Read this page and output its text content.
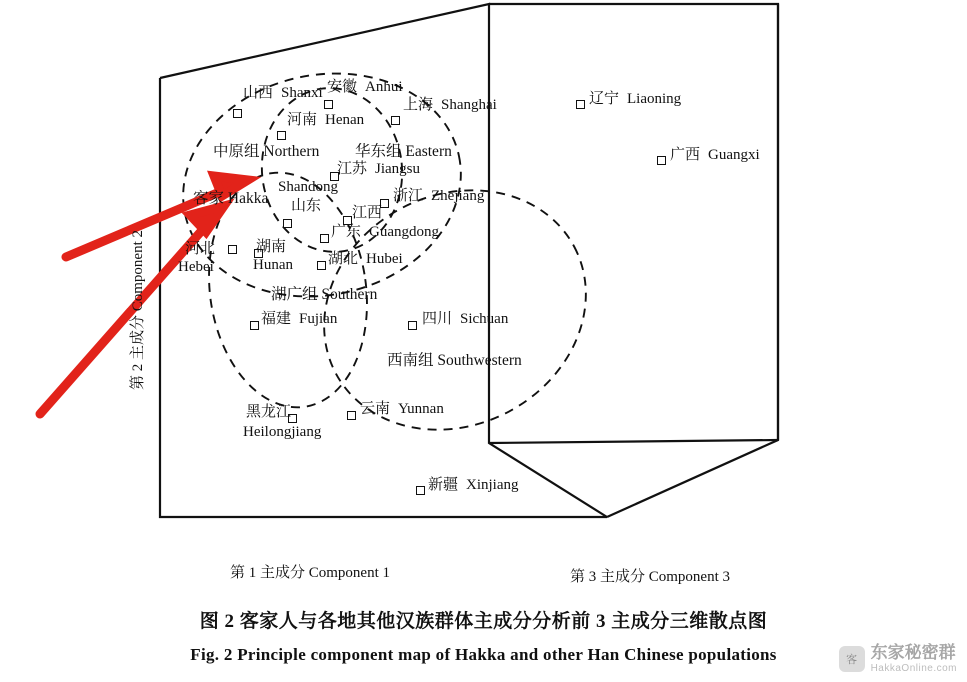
山西 Shanxi 安徽 Anhui
上海 Shanghai
河南 Henan
辽宁 Liaoning
广西 Guangxi
江苏 Jiangsu
浙江 Zhejiang
Shandong
山东 江西
广东 Guangdong
河北
Hebei
湖南
Hunan 湖北 Hubei
福建 Fujian	四川 Sichuan
云南 Yunnan
黑龙江
Heilongjiang
新疆 Xinjiang
中原组 Northern 华东组 Eastern
客家 Hakka
湖广组 Southern
西南组 Southwestern
第 1 主成分 Component 1	第 3 主成分 Component 3
第 2 主成分 Component 2
图 2 客家人与各地其他汉族群体主成分分析前 3 主成分三维散点图
Fig. 2 Principle component map of Hakka and other Han Chinese populations	客 东家秘密群
HakkaOnline.com
